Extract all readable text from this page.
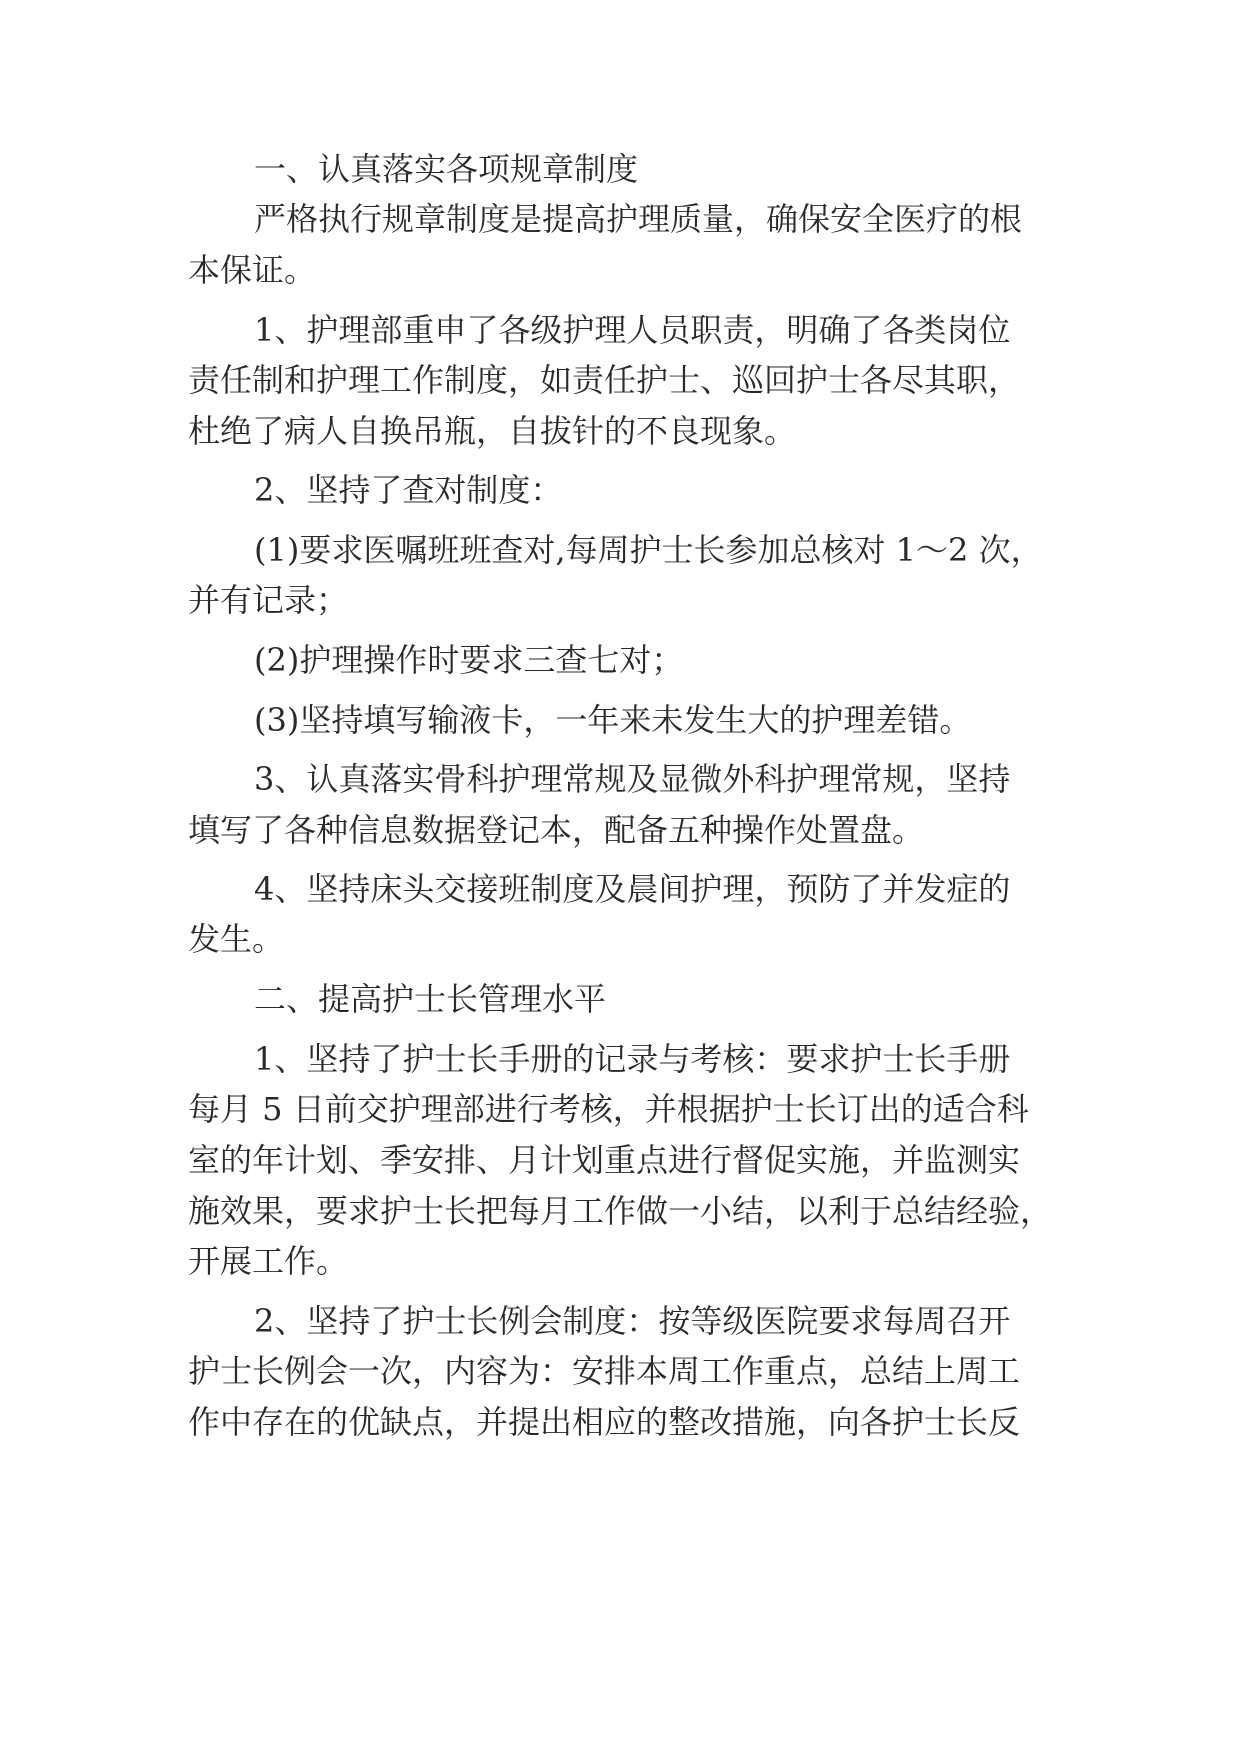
一、认真落实各项规章制度
严格执行规章制度是提高护理质量，确保安全医疗的根
本保证。
1、护理部重申了各级护理人员职责，明确了各类岗位
责任制和护理工作制度，如责任护士、巡回护士各尽其职，
杜绝了病人自换吊瓶，自拔针的不良现象。
2、坚持了查对制度：
(1)要求医嘱班班查对,每周护士长参加总核对 1～2 次，
并有记录；
(2)护理操作时要求三查七对；
(3)坚持填写输液卡，一年来未发生大的护理差错。
3、认真落实骨科护理常规及显微外科护理常规，坚持
填写了各种信息数据登记本，配备五种操作处置盘。
4、坚持床头交接班制度及晨间护理，预防了并发症的
发生。
二、提高护士长管理水平
1、坚持了护士长手册的记录与考核：要求护士长手册
每月 5 日前交护理部进行考核，并根据护士长订出的适合科
室的年计划、季安排、月计划重点进行督促实施，并监测实
施效果，要求护士长把每月工作做一小结，以利于总结经验，
开展工作。
2、坚持了护士长例会制度：按等级医院要求每周召开
护士长例会一次，内容为：安排本周工作重点，总结上周工
作中存在的优缺点，并提出相应的整改措施，向各护士长反
